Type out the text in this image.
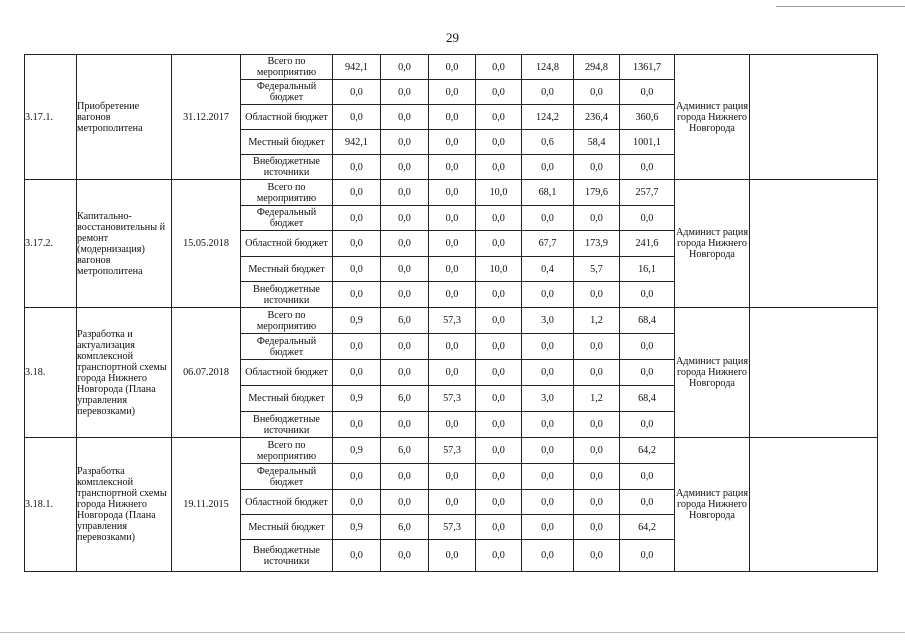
29
3.17.1.	Приобретение вагонов метрополитена	31.12.2017	Всего по мероприятию	942,1	0,0	0,0	0,0	124,8	294,8	1361,7	Админист рация города Нижнего Новгорода	
			Федеральный бюджет	0,0	0,0	0,0	0,0	0,0	0,0	0,0		
			Областной бюджет	0,0	0,0	0,0	0,0	124,2	236,4	360,6		
			Местный бюджет	942,1	0,0	0,0	0,0	0,6	58,4	1001,1		
			Внебюджетные источники	0,0	0,0	0,0	0,0	0,0	0,0	0,0		
3.17.2.	Капитально-восстановительны й ремонт (модернизация) вагонов метрополитена	15.05.2018	Всего по мероприятию	0,0	0,0	0,0	10,0	68,1	179,6	257,7	Админист рация города Нижнего Новгорода	
			Федеральный бюджет	0,0	0,0	0,0	0,0	0,0	0,0	0,0		
			Областной бюджет	0,0	0,0	0,0	0,0	67,7	173,9	241,6		
			Местный бюджет	0,0	0,0	0,0	10,0	0,4	5,7	16,1		
			Внебюджетные источники	0,0	0,0	0,0	0,0	0,0	0,0	0,0		
3.18.	Разработка и актуализация комплексной транспортной схемы города Нижнего Новгорода (Плана управления перевозками)	06.07.2018	Всего по мероприятию	0,9	6,0	57,3	0,0	3,0	1,2	68,4	Админист рация города Нижнего Новгорода	
			Федеральный бюджет	0,0	0,0	0,0	0,0	0,0	0,0	0,0		
			Областной бюджет	0,0	0,0	0,0	0,0	0,0	0,0	0,0		
			Местный бюджет	0,9	6,0	57,3	0,0	3,0	1,2	68,4		
			Внебюджетные источники	0,0	0,0	0,0	0,0	0,0	0,0	0,0		
3.18.1.	Разработка комплексной транспортной схемы города Нижнего Новгорода (Плана управления перевозками)	19.11.2015	Всего по мероприятию	0,9	6,0	57,3	0,0	0,0	0,0	64,2	Админист рация города Нижнего Новгорода	
			Федеральный бюджет	0,0	0,0	0,0	0,0	0,0	0,0	0,0		
			Областной бюджет	0,0	0,0	0,0	0,0	0,0	0,0	0,0		
			Местный бюджет	0,9	6,0	57,3	0,0	0,0	0,0	64,2		
			Внебюджетные источники	0,0	0,0	0,0	0,0	0,0	0,0	0,0		
